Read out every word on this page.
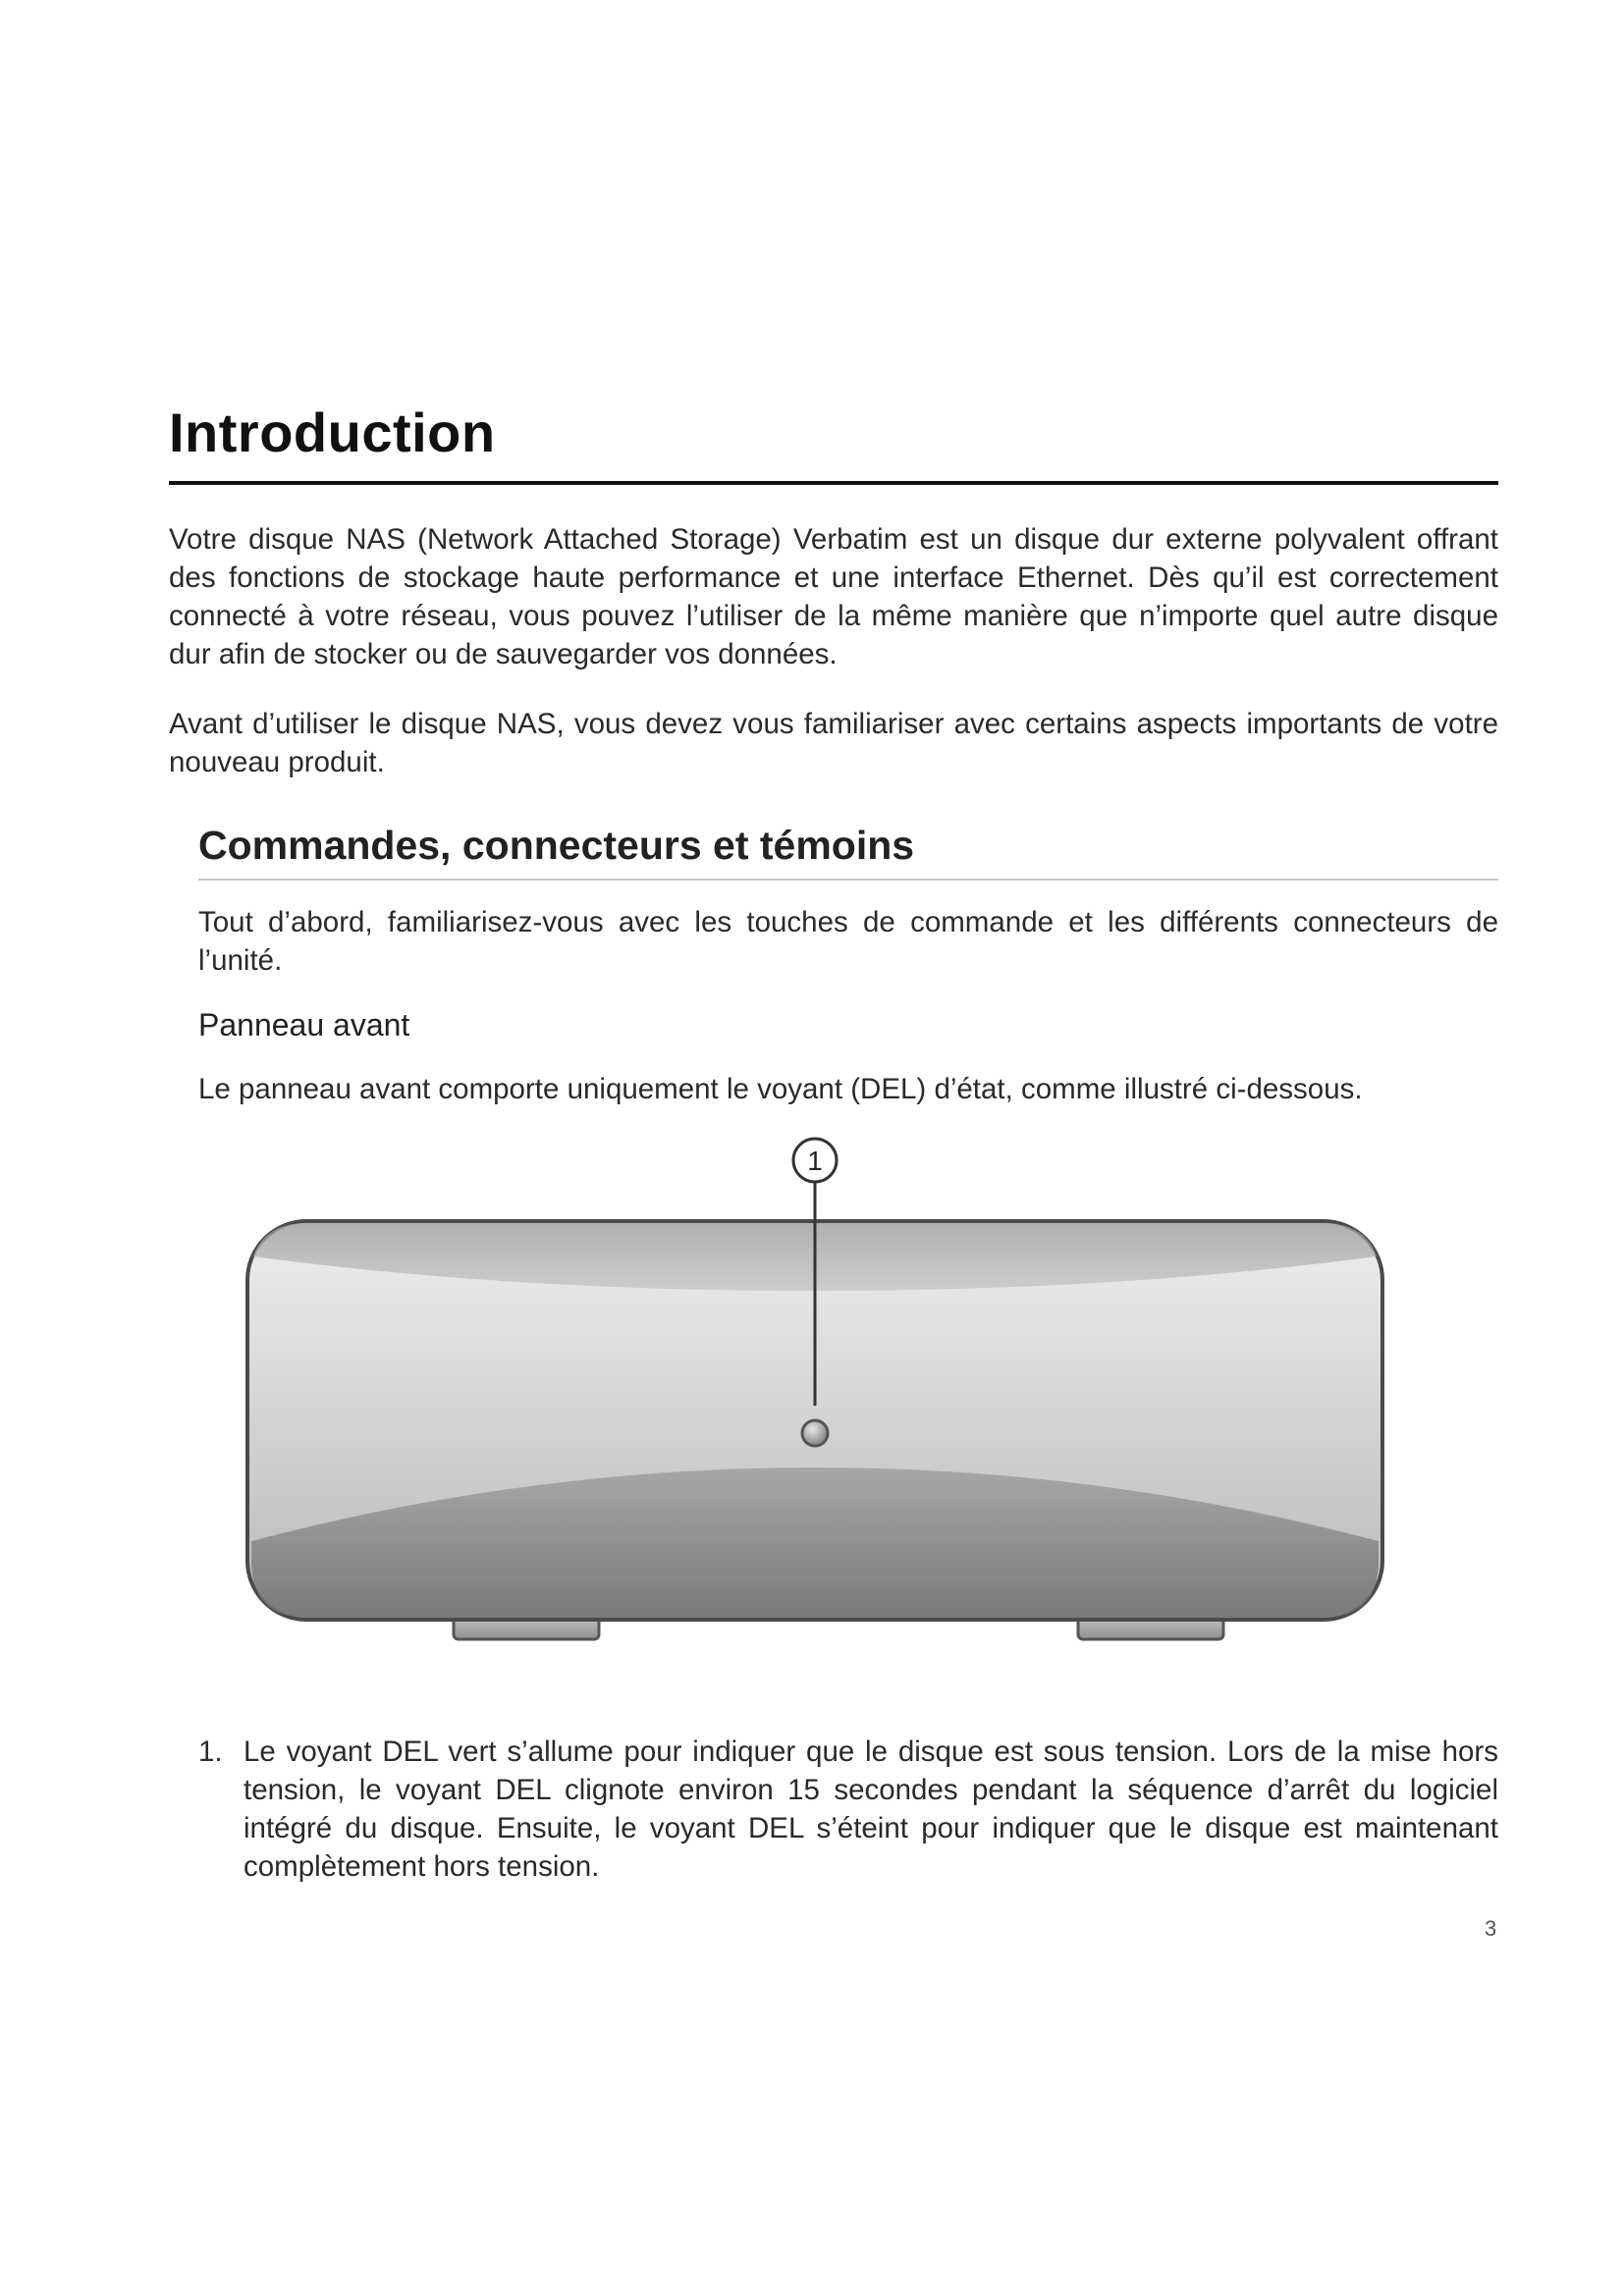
Introduction

Votre disque NAS (Network Attached Storage) Verbatim est un disque dur externe polyvalent offrant des fonctions de stockage haute performance et une interface Ethernet. Dès qu’il est correctement connecté à votre réseau, vous pouvez l’utiliser de la même manière que n’importe quel autre disque dur afin de stocker ou de sauvegarder vos données.

Avant d’utiliser le disque NAS, vous devez vous familiariser avec certains aspects importants de votre nouveau produit.

Commandes, connecteurs et témoins

Tout d’abord, familiarisez-vous avec les touches de commande et les différents connecteurs de l’unité.

Panneau avant

Le panneau avant comporte uniquement le voyant (DEL) d’état, comme illustré ci-dessous.

1
1. Le voyant DEL vert s’allume pour indiquer que le disque est sous tension. Lors de la mise hors tension, le voyant DEL clignote environ 15 secondes pendant la séquence d’arrêt du logiciel intégré du disque. Ensuite, le voyant DEL s’éteint pour indiquer que le disque est maintenant complètement hors tension.
3
